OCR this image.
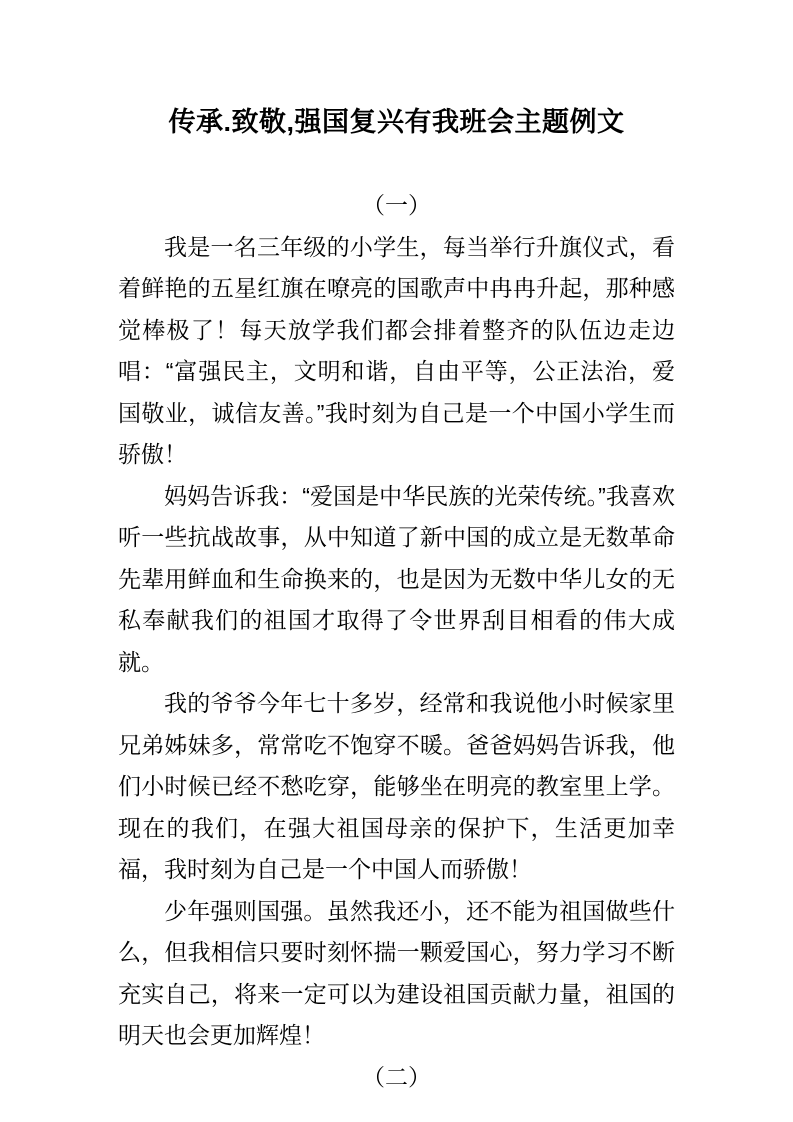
传承.致敬,强国复兴有我班会主题例文

（一）

我是一名三年级的小学生，每当举行升旗仪式，看着鲜艳的五星红旗在嘹亮的国歌声中冉冉升起，那种感觉棒极了！每天放学我们都会排着整齐的队伍边走边唱：“富强民主，文明和谐，自由平等，公正法治，爱国敬业，诚信友善。”我时刻为自己是一个中国小学生而骄傲！

妈妈告诉我：“爱国是中华民族的光荣传统。”我喜欢听一些抗战故事，从中知道了新中国的成立是无数革命先辈用鲜血和生命换来的，也是因为无数中华儿女的无私奉献我们的祖国才取得了令世界刮目相看的伟大成就。

我的爷爷今年七十多岁，经常和我说他小时候家里兄弟姊妹多，常常吃不饱穿不暖。爸爸妈妈告诉我，他们小时候已经不愁吃穿，能够坐在明亮的教室里上学。现在的我们，在强大祖国母亲的保护下，生活更加幸福，我时刻为自己是一个中国人而骄傲！

少年强则国强。虽然我还小，还不能为祖国做些什么，但我相信只要时刻怀揣一颗爱国心，努力学习不断充实自己，将来一定可以为建设祖国贡献力量，祖国的明天也会更加辉煌！

（二）
